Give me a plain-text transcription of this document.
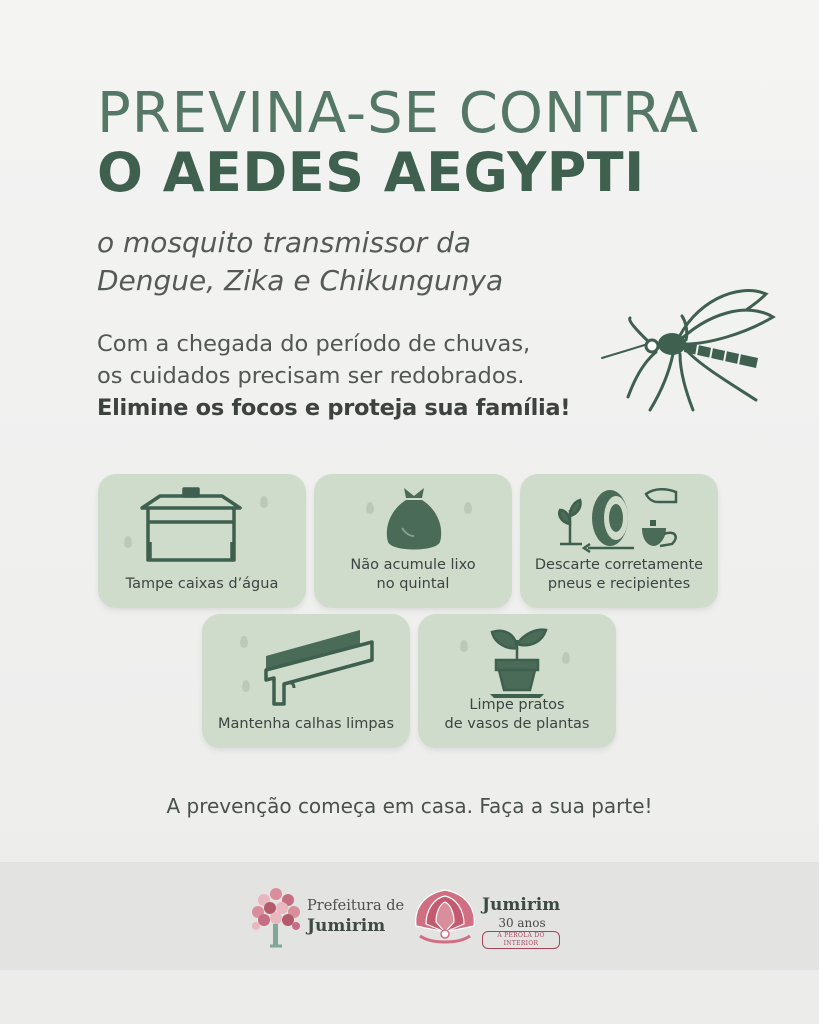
PREVINA-SE CONTRA
O AEDES AEGYPTI
o mosquito transmissor da
Dengue, Zika e Chikungunya
Com a chegada do período de chuvas,
os cuidados precisam ser redobrados.
Elimine os focos e proteja sua família!
Tampe caixas d’água
Não acumule lixo
no quintal
Descarte corretamente
pneus e recipientes
Mantenha calhas limpas
Limpe pratos
de vasos de plantas
A prevenção começa em casa. Faça a sua parte!
Prefeitura de
Jumirim
Jumirim
30 anos
A PÉROLA DO INTERIOR
